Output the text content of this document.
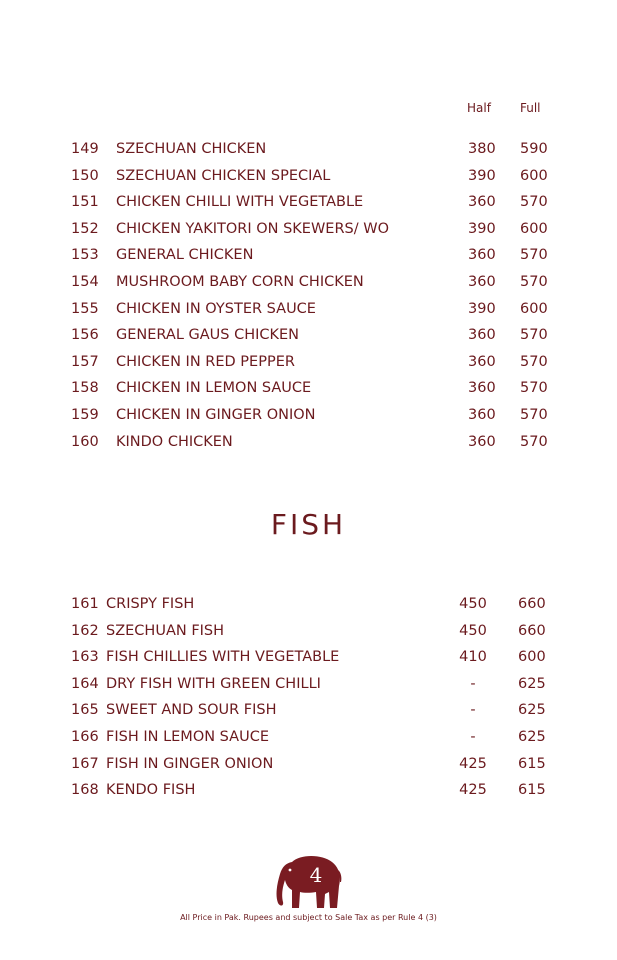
Half Full
149 SZECHUAN CHICKEN	380 590
150 SZECHUAN CHICKEN SPECIAL	390 600
151 CHICKEN CHILLI WITH VEGETABLE	360 570
152 CHICKEN YAKITORI ON SKEWERS/ WO	390 600
153 GENERAL CHICKEN	360 570
154 MUSHROOM BABY CORN CHICKEN	360 570
155 CHICKEN IN OYSTER SAUCE	390 600
156 GENERAL GAUS CHICKEN	360 570
157 CHICKEN IN RED PEPPER	360 570
158 CHICKEN IN LEMON SAUCE	360 570
159 CHICKEN IN GINGER ONION	360 570
160 KINDO CHICKEN	360 570
FISH
161 CRISPY FISH	450 660
162 SZECHUAN FISH	450 660
163 FISH CHILLIES WITH VEGETABLE	410 600
164 DRY FISH WITH GREEN CHILLI	-	625
165 SWEET AND SOUR FISH	-	625
166 FISH IN LEMON SAUCE	-	625
167 FISH IN GINGER ONION	425 615
168 KENDO FISH	425 615
4
All Price in Pak. Rupees and subject to Sale Tax as per Rule 4 (3)
